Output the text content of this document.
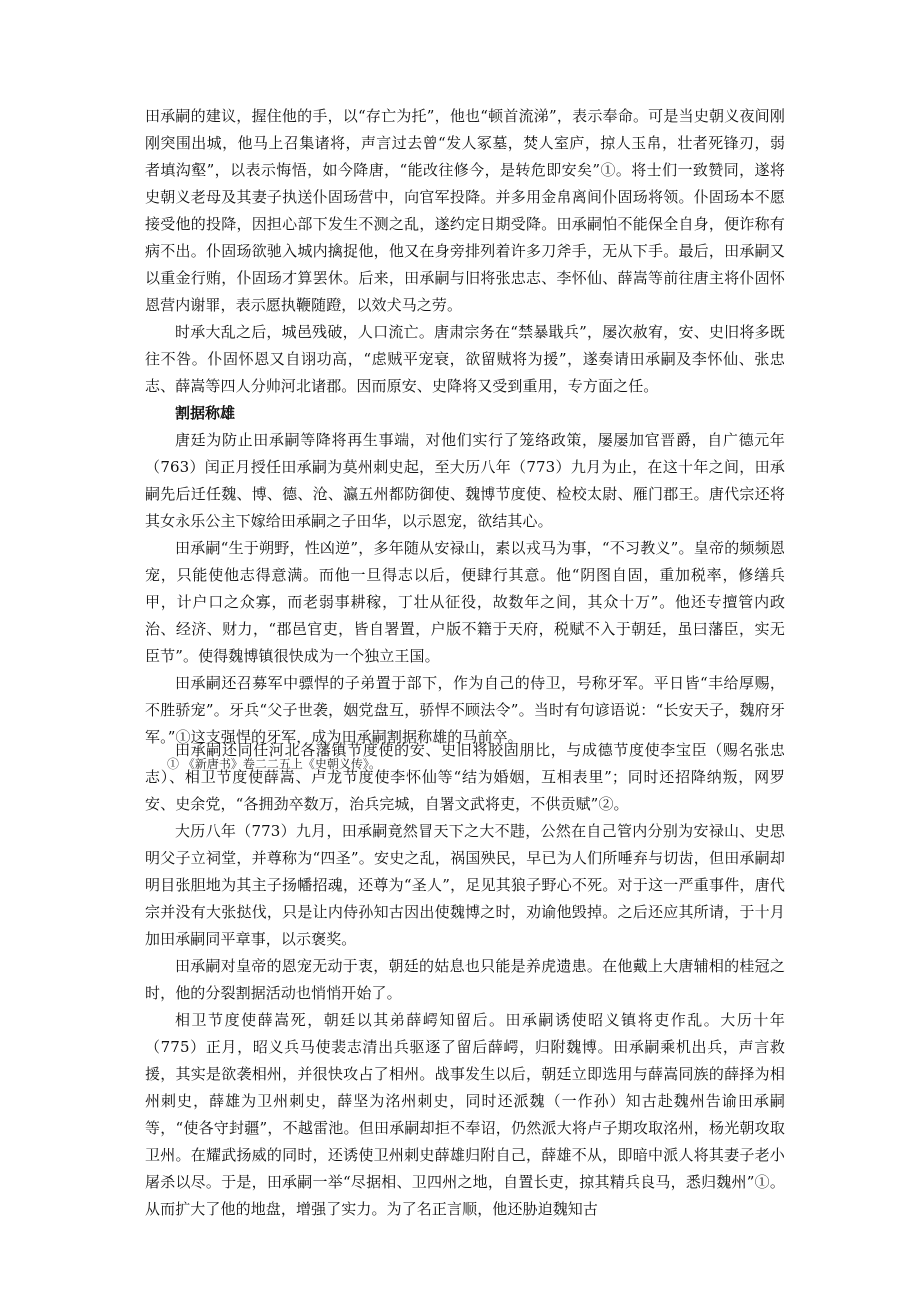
田承嗣的建议，握住他的手，以“存亡为托”，他也“顿首流涕”，表示奉命。可是当史朝义夜间刚刚突围出城，他马上召集诸将，声言过去曾“发人冢墓，焚人室庐，掠人玉帛，壮者死锋刃，弱者填沟壑”，以表示悔悟，如今降唐，“能改往修今，是转危即安矣”①。将士们一致赞同，遂将史朝义老母及其妻子执送仆固玚营中，向官军投降。并多用金帛离间仆固玚将领。仆固玚本不愿接受他的投降，因担心部下发生不测之乱，遂约定日期受降。田承嗣怕不能保全自身，便诈称有病不出。仆固玚欲驰入城内擒捉他，他又在身旁排列着许多刀斧手，无从下手。最后，田承嗣又以重金行贿，仆固玚才算罢休。后来，田承嗣与旧将张忠志、李怀仙、薛嵩等前往唐主将仆固怀恩营内谢罪，表示愿执鞭随蹬，以效犬马之劳。

时承大乱之后，城邑残破，人口流亡。唐肃宗务在“禁暴戢兵”，屡次赦宥，安、史旧将多既往不咎。仆固怀恩又自诩功高，“虑贼平宠衰，欲留贼将为援”，遂奏请田承嗣及李怀仙、张忠志、薛嵩等四人分帅河北诸郡。因而原安、史降将又受到重用，专方面之任。

割据称雄

唐廷为防止田承嗣等降将再生事端，对他们实行了笼络政策，屡屡加官晋爵，自广德元年（763）闰正月授任田承嗣为莫州刺史起，至大历八年（773）九月为止，在这十年之间，田承嗣先后迁任魏、博、德、沧、瀛五州都防御使、魏博节度使、检校太尉、雁门郡王。唐代宗还将其女永乐公主下嫁给田承嗣之子田华，以示恩宠，欲结其心。

田承嗣“生于朔野，性凶逆”，多年随从安禄山，素以戎马为事，“不习教义”。皇帝的频频恩宠，只能使他志得意满。而他一旦得志以后，便肆行其意。他“阴图自固，重加税率，修缮兵甲，计户口之众寡，而老弱事耕稼，丁壮从征役，故数年之间，其众十万”。他还专擅管内政治、经济、财力，“郡邑官吏，皆自署置，户版不籍于天府，税赋不入于朝廷，虽曰藩臣，实无臣节”。使得魏博镇很快成为一个独立王国。

田承嗣还召募军中骠悍的子弟置于部下，作为自己的侍卫，号称牙军。平日皆“丰给厚赐，不胜骄宠”。牙兵“父子世袭，姻党盘互，骄悍不顾法令”。当时有句谚语说：“长安天子，魏府牙军。”①这支强悍的牙军，成为田承嗣割据称雄的马前卒。

① 《新唐书》卷二二五上《史朝义传》。

田承嗣还同任河北各藩镇节度使的安、史旧将胶固朋比，与成德节度使李宝臣（赐名张忠志）、相卫节度使薛嵩、卢龙节度使李怀仙等“结为婚姻，互相表里”；同时还招降纳叛，网罗安、史余党，“各拥劲卒数万，治兵完城，自署文武将吏，不供贡赋”②。

大历八年（773）九月，田承嗣竟然冒天下之大不韪，公然在自己管内分别为安禄山、史思明父子立祠堂，并尊称为“四圣”。安史之乱，祸国殃民，早已为人们所唾弃与切齿，但田承嗣却明目张胆地为其主子扬幡招魂，还尊为“圣人”，足见其狼子野心不死。对于这一严重事件，唐代宗并没有大张挞伐，只是让内侍孙知古因出使魏博之时，劝谕他毁掉。之后还应其所请，于十月加田承嗣同平章事，以示褒奖。

田承嗣对皇帝的恩宠无动于衷，朝廷的姑息也只能是养虎遗患。在他戴上大唐辅相的桂冠之时，他的分裂割据活动也悄悄开始了。

相卫节度使薛嵩死，朝廷以其弟薛崿知留后。田承嗣诱使昭义镇将吏作乱。大历十年（775）正月，昭义兵马使裴志清出兵驱逐了留后薛崿，归附魏博。田承嗣乘机出兵，声言救援，其实是欲袭相州，并很快攻占了相州。战事发生以后，朝廷立即选用与薛嵩同族的薛择为相州刺史，薛雄为卫州刺史，薛坚为洺州刺史，同时还派魏（一作孙）知古赴魏州告谕田承嗣等，“使各守封疆”，不越雷池。但田承嗣却拒不奉诏，仍然派大将卢子期攻取洺州，杨光朝攻取卫州。在耀武扬威的同时，还诱使卫州刺史薛雄归附自己，薛雄不从，即暗中派人将其妻子老小屠杀以尽。于是，田承嗣一举“尽据相、卫四州之地，自置长吏，掠其精兵良马，悉归魏州”①。从而扩大了他的地盘，增强了实力。为了名正言顺，他还胁迫魏知古
